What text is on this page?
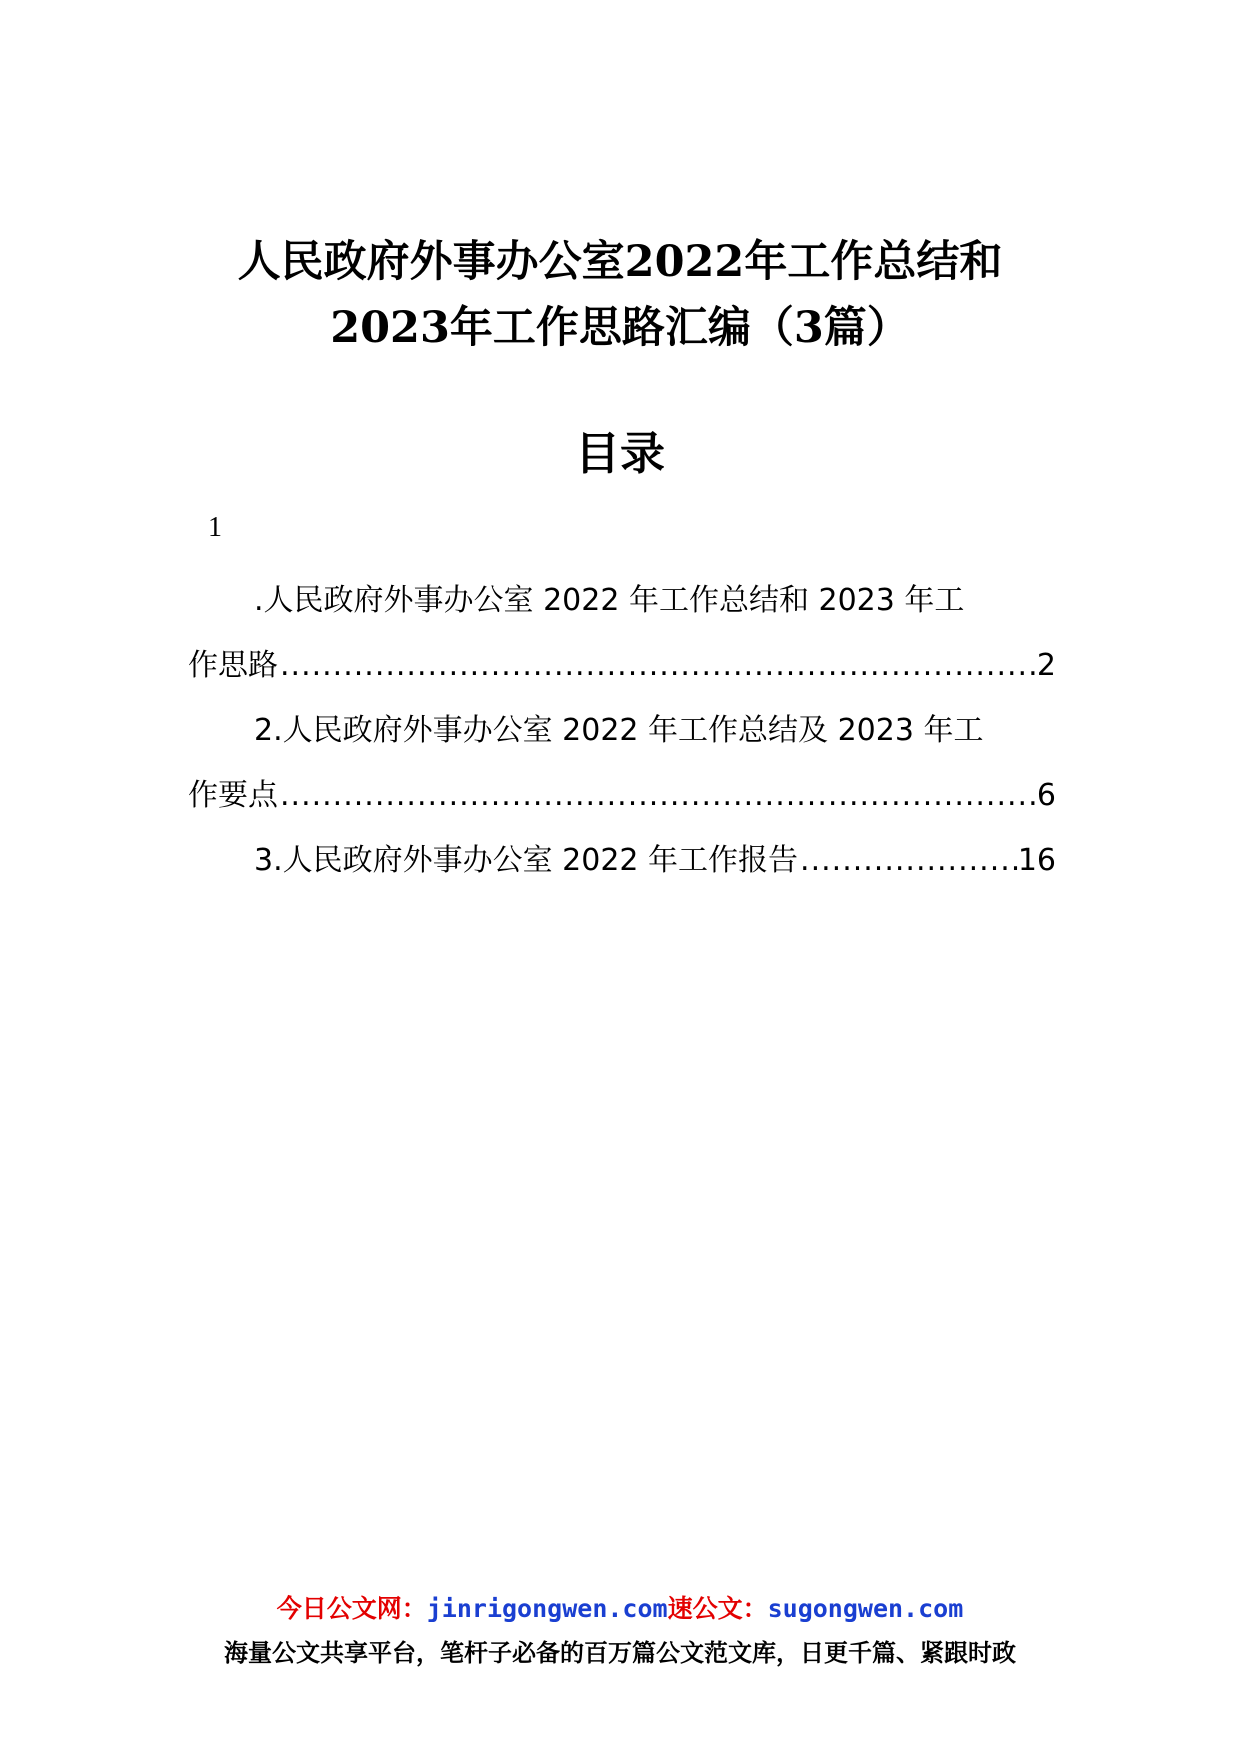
人民政府外事办公室2022年工作总结和
2023年工作思路汇编（3篇）
目录
1
.人民政府外事办公室 2022 年工作总结和 2023 年工
作思路 .....	2
2.人民政府外事办公室 2022 年工作总结及 2023 年工
作要点 .....	6
3.人民政府外事办公室 2022 年工作报告 .....	16
今日公文网：jinrigongwen.com速公文：sugongwen.com
海量公文共享平台，笔杆子必备的百万篇公文范文库，日更千篇、紧跟时政
